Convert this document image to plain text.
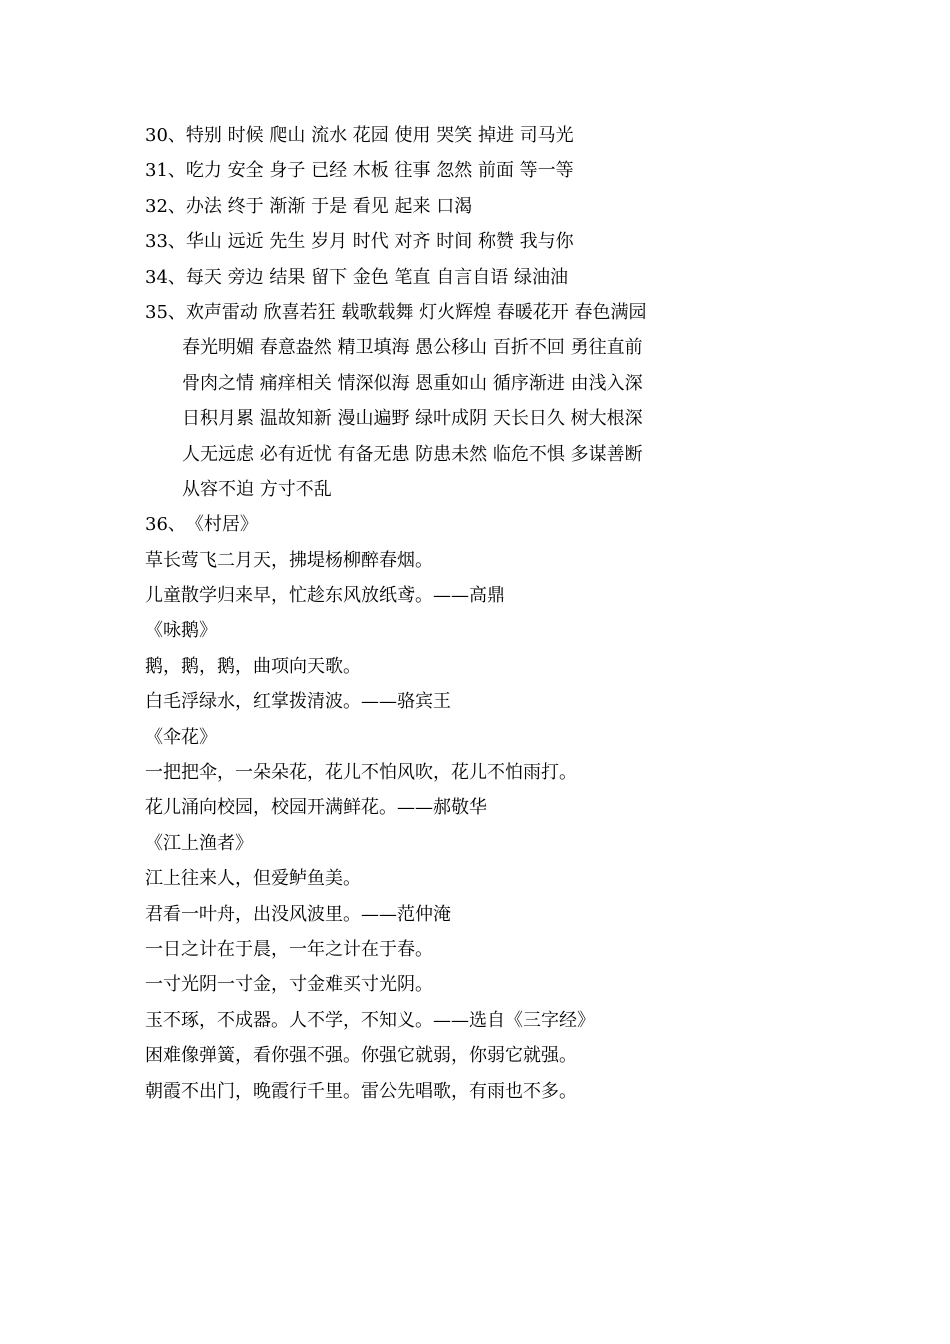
30、特别 时候 爬山 流水 花园 使用 哭笑 掉进 司马光
31、吃力 安全 身子 已经 木板 往事 忽然 前面 等一等
32、办法 终于 渐渐 于是 看见 起来 口渴
33、华山 远近 先生 岁月 时代 对齐 时间 称赞 我与你
34、每天 旁边 结果 留下 金色 笔直 自言自语 绿油油
35、欢声雷动 欣喜若狂 载歌载舞 灯火辉煌 春暖花开 春色满园
春光明媚 春意盎然 精卫填海 愚公移山 百折不回 勇往直前
骨肉之情 痛痒相关 情深似海 恩重如山 循序渐进 由浅入深
日积月累 温故知新 漫山遍野 绿叶成阴 天长日久 树大根深
人无远虑 必有近忧 有备无患 防患未然 临危不惧 多谋善断
从容不迫 方寸不乱
36、《村居》
草长莺飞二月天，拂堤杨柳醉春烟。
儿童散学归来早，忙趁东风放纸鸢。——高鼎
《咏鹅》
鹅，鹅，鹅，曲项向天歌。
白毛浮绿水，红掌拨清波。——骆宾王
《伞花》
一把把伞，一朵朵花，花儿不怕风吹，花儿不怕雨打。
花儿涌向校园，校园开满鲜花。——郝敬华
《江上渔者》
江上往来人，但爱鲈鱼美。
君看一叶舟，出没风波里。——范仲淹
一日之计在于晨，一年之计在于春。
一寸光阴一寸金，寸金难买寸光阴。
玉不琢，不成器。人不学，不知义。——选自《三字经》
困难像弹簧，看你强不强。你强它就弱，你弱它就强。
朝霞不出门，晚霞行千里。雷公先唱歌，有雨也不多。
